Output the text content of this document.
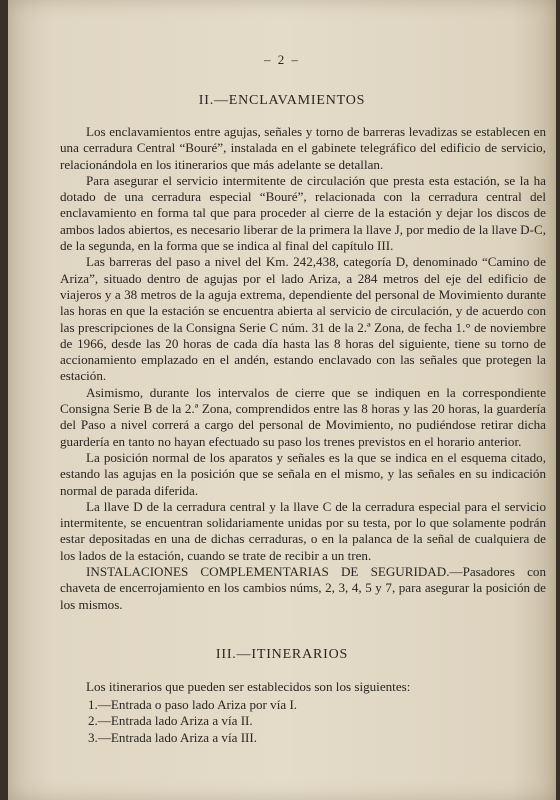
– 2 –
II.—ENCLAVAMIENTOS

Los enclavamientos entre agujas, señales y torno de barreras levadizas se establecen en una cerradura Central “Bouré”, instalada en el gabinete telegráfico del edificio de servicio, relacionándola en los itinerarios que más adelante se detallan.

Para asegurar el servicio intermitente de circulación que presta esta estación, se la ha dotado de una cerradura especial “Bouré”, relacionada con la cerradura central del enclavamiento en forma tal que para proceder al cierre de la estación y dejar los discos de ambos lados abiertos, es necesario liberar de la primera la llave J, por medio de la llave D-C, de la segunda, en la forma que se indica al final del capítulo III.

Las barreras del paso a nivel del Km. 242,438, categoría D, denominado “Camino de Ariza”, situado dentro de agujas por el lado Ariza, a 284 metros del eje del edificio de viajeros y a 38 metros de la aguja extrema, dependiente del personal de Movimiento durante las horas en que la estación se encuentra abierta al servicio de circulación, y de acuerdo con las prescripciones de la Consigna Serie C núm. 31 de la 2.ª Zona, de fecha 1.° de noviembre de 1966, desde las 20 horas de cada día hasta las 8 horas del siguiente, tiene su torno de accionamiento emplazado en el andén, estando enclavado con las señales que protegen la estación.

Asimismo, durante los intervalos de cierre que se indiquen en la correspondiente Consigna Serie B de la 2.ª Zona, comprendidos entre las 8 horas y las 20 horas, la guardería del Paso a nivel correrá a cargo del personal de Movimiento, no pudiéndose retirar dicha guardería en tanto no hayan efectuado su paso los trenes previstos en el horario anterior.

La posición normal de los aparatos y señales es la que se indica en el esquema citado, estando las agujas en la posición que se señala en el mismo, y las señales en su indicación normal de parada diferida.

La llave D de la cerradura central y la llave C de la cerradura especial para el servicio intermitente, se encuentran solidariamente unidas por su testa, por lo que solamente podrán estar depositadas en una de dichas cerraduras, o en la palanca de la señal de cualquiera de los lados de la estación, cuando se trate de recibir a un tren.

INSTALACIONES COMPLEMENTARIAS DE SEGURIDAD.—Pasadores con chaveta de encerrojamiento en los cambios núms, 2, 3, 4, 5 y 7, para asegurar la posición de los mismos.

III.—ITINERARIOS
Los itinerarios que pueden ser establecidos son los siguientes:
1.—Entrada o paso lado Ariza por vía I.
2.—Entrada lado Ariza a vía II.
3.—Entrada lado Ariza a vía III.
